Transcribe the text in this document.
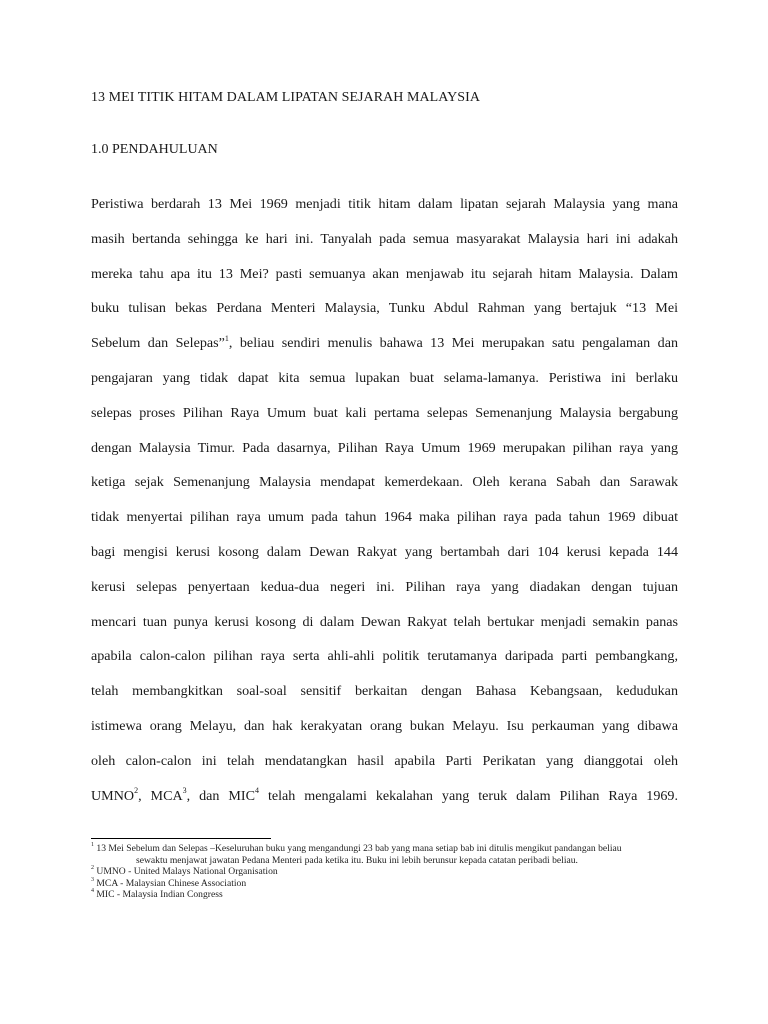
13 MEI TITIK HITAM DALAM LIPATAN SEJARAH MALAYSIA
1.0 PENDAHULUAN
Peristiwa berdarah 13 Mei 1969 menjadi titik hitam dalam lipatan sejarah Malaysia yang mana
masih bertanda sehingga ke hari ini. Tanyalah pada semua masyarakat Malaysia hari ini adakah
mereka tahu apa itu 13 Mei? pasti semuanya akan menjawab itu sejarah hitam Malaysia. Dalam
buku tulisan bekas Perdana Menteri Malaysia, Tunku Abdul Rahman yang bertajuk “13 Mei
Sebelum dan Selepas”$^1$, beliau sendiri menulis bahawa 13 Mei merupakan satu pengalaman dan
pengajaran yang tidak dapat kita semua lupakan buat selama-lamanya. Peristiwa ini berlaku
selepas proses Pilihan Raya Umum buat kali pertama selepas Semenanjung Malaysia bergabung
dengan Malaysia Timur. Pada dasarnya, Pilihan Raya Umum 1969 merupakan pilihan raya yang
ketiga sejak Semenanjung Malaysia mendapat kemerdekaan. Oleh kerana Sabah dan Sarawak
tidak menyertai pilihan raya umum pada tahun 1964 maka pilihan raya pada tahun 1969 dibuat
bagi mengisi kerusi kosong dalam Dewan Rakyat yang bertambah dari 104 kerusi kepada 144
kerusi selepas penyertaan kedua-dua negeri ini. Pilihan raya yang diadakan dengan tujuan
mencari tuan punya kerusi kosong di dalam Dewan Rakyat telah bertukar menjadi semakin panas
apabila calon-calon pilihan raya serta ahli-ahli politik terutamanya daripada parti pembangkang,
telah membangkitkan soal-soal sensitif berkaitan dengan Bahasa Kebangsaan, kedudukan
istimewa orang Melayu, dan hak kerakyatan orang bukan Melayu. Isu perkauman yang dibawa
oleh calon-calon ini telah mendatangkan hasil apabila Parti Perikatan yang dianggotai oleh
UMNO$^2$, MCA$^3$, dan MIC$^4$ telah mengalami kekalahan yang teruk dalam Pilihan Raya 1969.
$^1$ 13 Mei Sebelum dan Selepas –Keseluruhan buku yang mengandungi 23 bab yang mana setiap bab ini ditulis mengikut pandangan beliau
sewaktu menjawat jawatan Pedana Menteri pada ketika itu. Buku ini lebih berunsur kepada catatan peribadi beliau.
$^2$ UMNO - United Malays National Organisation
$^3$ MCA - Malaysian Chinese Association
$^4$ MIC - Malaysia Indian Congress
